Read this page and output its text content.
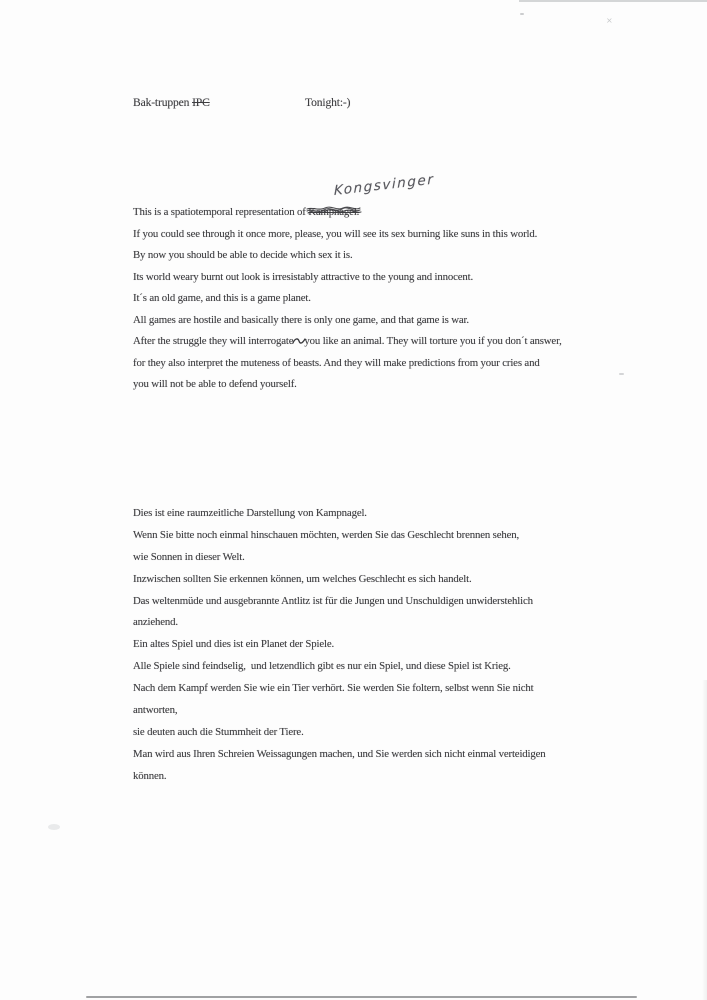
Bak-truppen IPC	Tonight:-)
Kongsvinger
This is a spatiotemporal representation of Kampnagel.
If you could see through it once more, please, you will see its sex burning like suns in this world.
By now you should be able to decide which sex it is.
Its world weary burnt out look is irresistably attractive to the young and innocent.
It´s an old game, and this is a game planet.
All games are hostile and basically there is only one game, and that game is war.
After the struggle they will interrogate you like an animal. They will torture you if you don´t answer,
for they also interpret the muteness of beasts. And they will make predictions from your cries and
you will not be able to defend yourself.
Dies ist eine raumzeitliche Darstellung von Kampnagel.
Wenn Sie bitte noch einmal hinschauen möchten, werden Sie das Geschlecht brennen sehen,
wie Sonnen in dieser Welt.
Inzwischen sollten Sie erkennen können, um welches Geschlecht es sich handelt.
Das weltenmüde und ausgebrannte Antlitz ist für die Jungen und Unschuldigen unwiderstehlich
anziehend.
Ein altes Spiel und dies ist ein Planet der Spiele.
Alle Spiele sind feindselig,  und letzendlich gibt es nur ein Spiel, und diese Spiel ist Krieg.
Nach dem Kampf werden Sie wie ein Tier verhört. Sie werden Sie foltern, selbst wenn Sie nicht
antworten,
sie deuten auch die Stummheit der Tiere.
Man wird aus Ihren Schreien Weissagungen machen, und Sie werden sich nicht einmal verteidigen
können.
×
